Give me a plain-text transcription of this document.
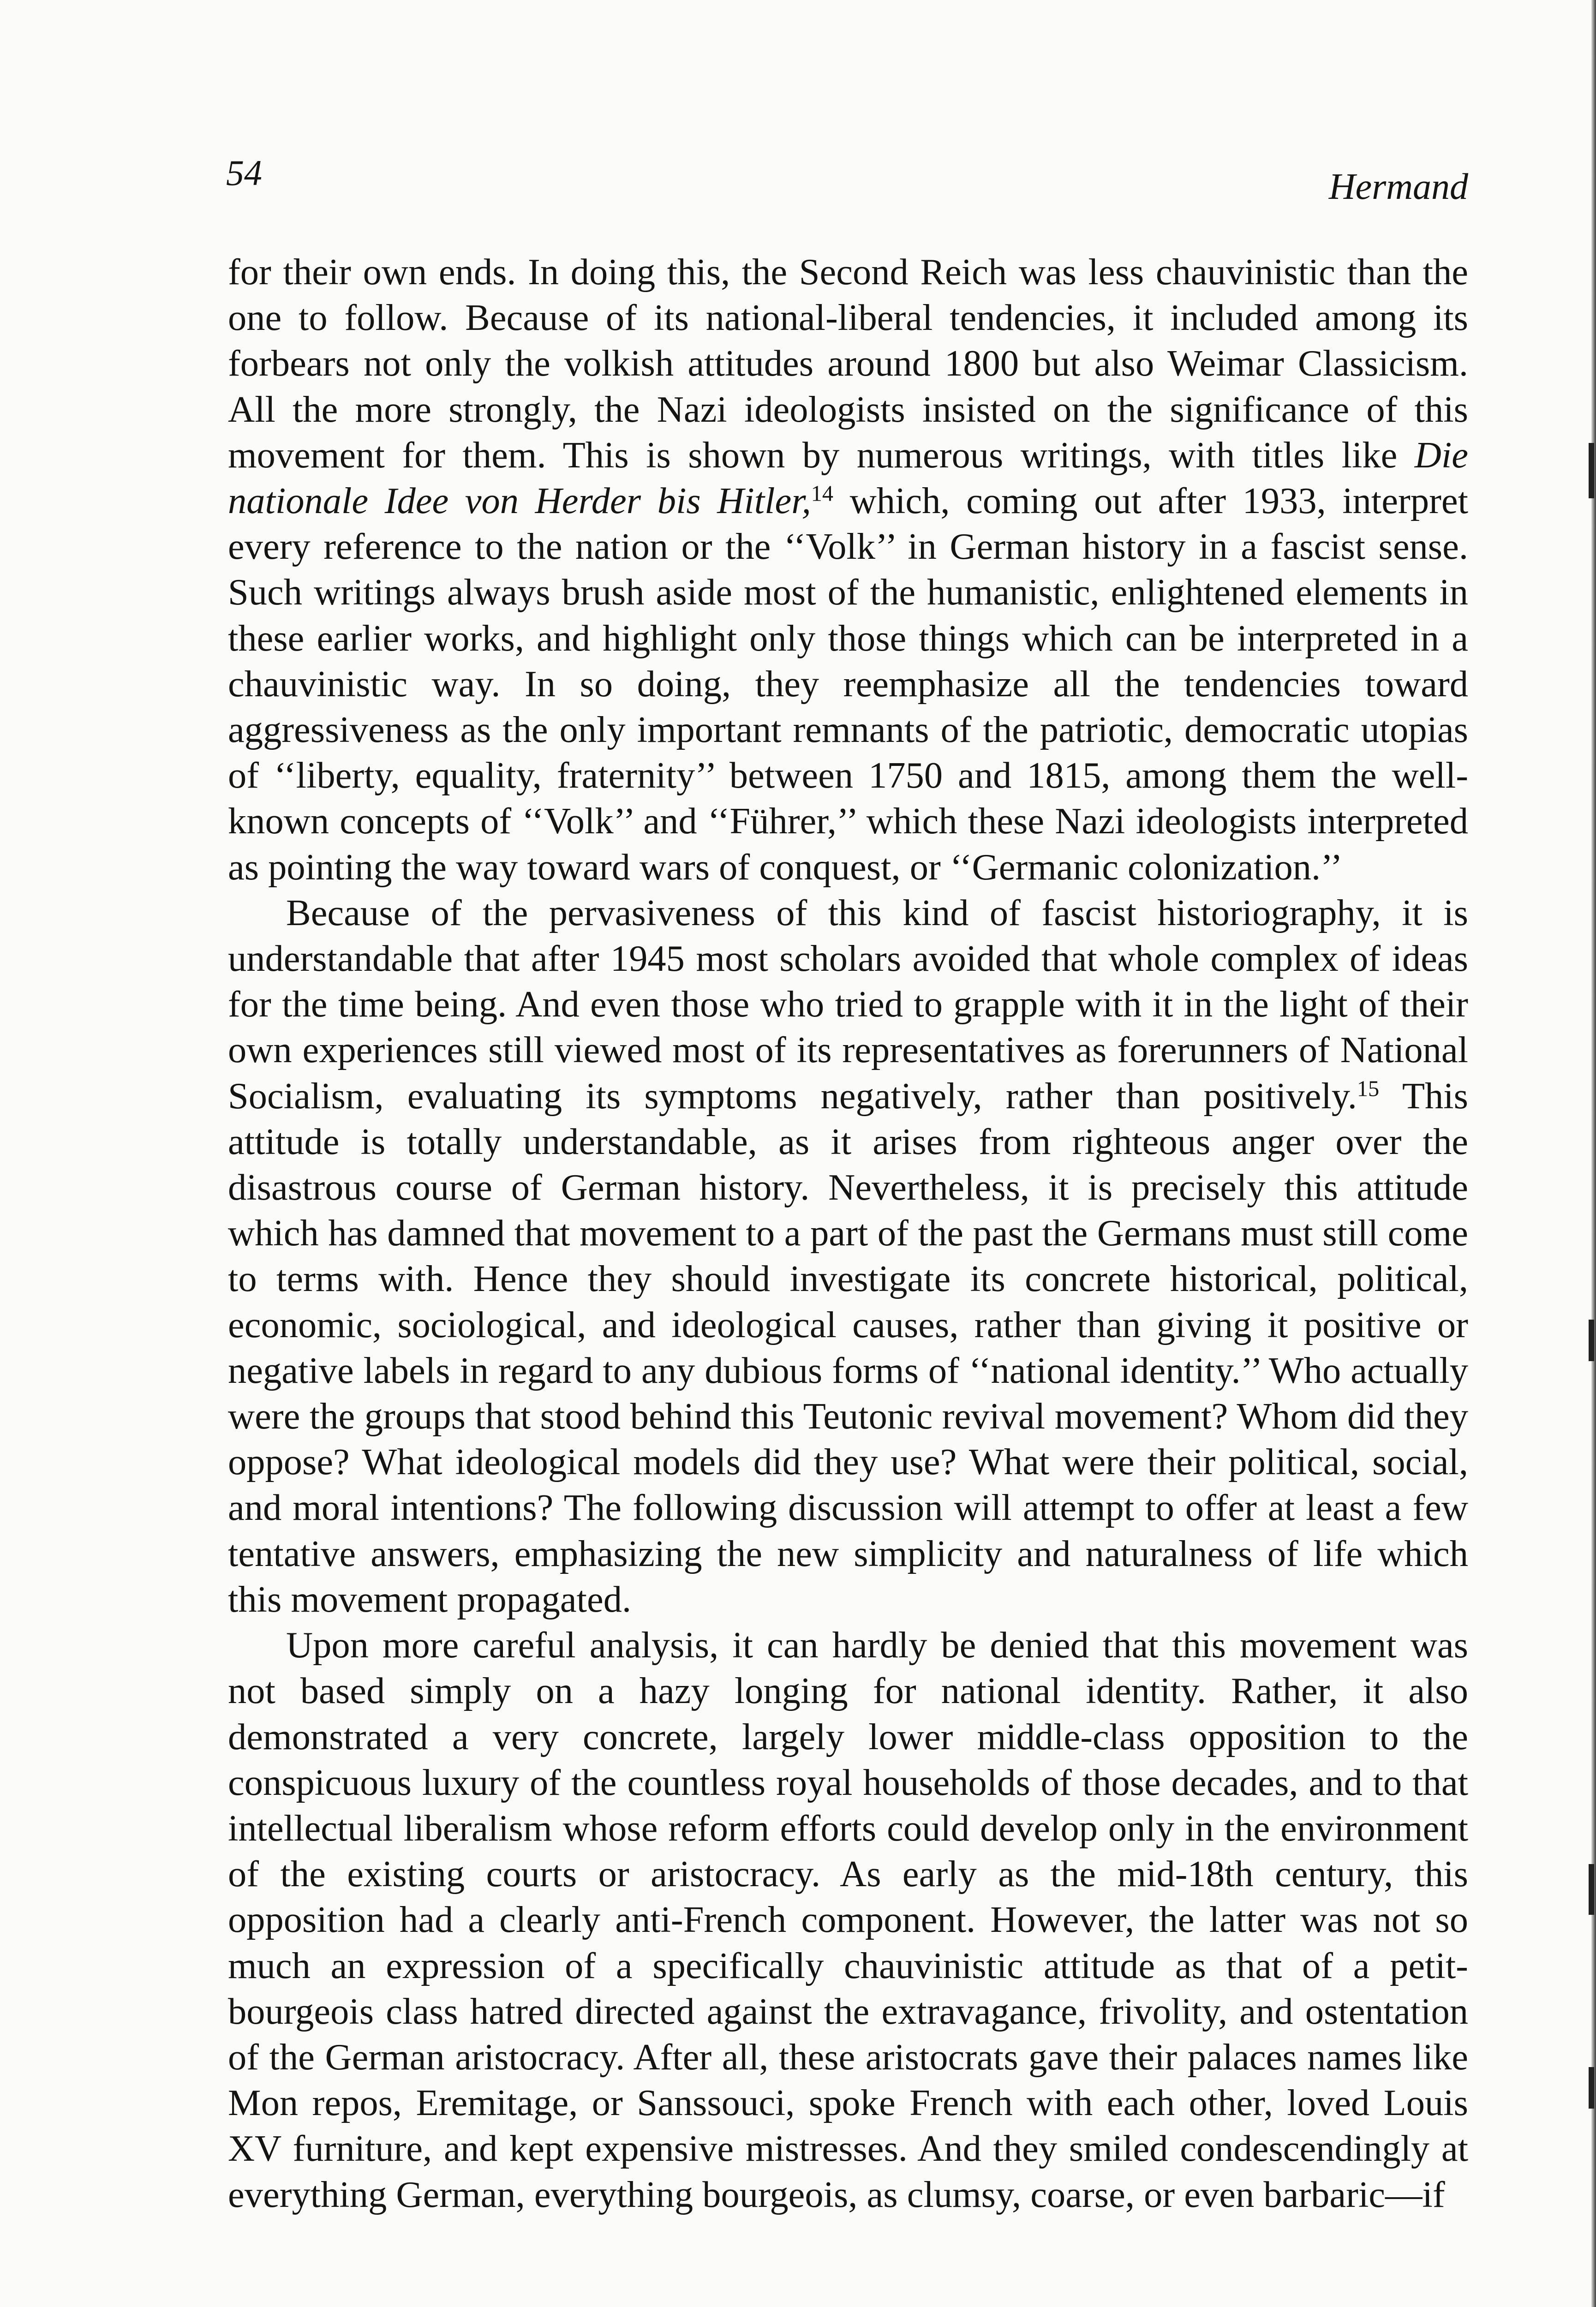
54	Hermand

for their own ends. In doing this, the Second Reich was less chauvinistic than the one to follow. Because of its national-liberal tendencies, it included among its forbears not only the volkish attitudes around 1800 but also Weimar Classicism. All the more strongly, the Nazi ideologists insisted on the significance of this movement for them. This is shown by numerous writings, with titles like Die nationale Idee von Herder bis Hitler,$^{14}$ which, coming out after 1933, interpret every reference to the nation or the ‘‘Volk’’ in German history in a fascist sense. Such writings always brush aside most of the humanistic, enlightened elements in these earlier works, and highlight only those things which can be interpreted in a chauvinistic way. In so doing, they reemphasize all the tendencies toward aggressiveness as the only important remnants of the patriotic, democratic utopias of ‘‘liberty, equality, fraternity’’ between 1750 and 1815, among them the well-known concepts of ‘‘Volk’’ and ‘‘Führer,’’ which these Nazi ideologists interpreted as pointing the way toward wars of conquest, or ‘‘Germanic colonization.’’

Because of the pervasiveness of this kind of fascist historiography, it is understandable that after 1945 most scholars avoided that whole complex of ideas for the time being. And even those who tried to grapple with it in the light of their own experiences still viewed most of its representatives as forerunners of National Socialism, evaluating its symptoms negatively, rather than positively.$^{15}$ This attitude is totally understandable, as it arises from righteous anger over the disastrous course of German history. Nevertheless, it is precisely this attitude which has damned that movement to a part of the past the Germans must still come to terms with. Hence they should investigate its concrete historical, political, economic, sociological, and ideological causes, rather than giving it positive or negative labels in regard to any dubious forms of ‘‘national identity.’’ Who actually were the groups that stood behind this Teutonic revival movement? Whom did they oppose? What ideological models did they use? What were their political, social, and moral intentions? The following discussion will attempt to offer at least a few tentative answers, emphasizing the new simplicity and naturalness of life which this movement propagated.

Upon more careful analysis, it can hardly be denied that this movement was not based simply on a hazy longing for national identity. Rather, it also demonstrated a very concrete, largely lower middle-class opposition to the conspicuous luxury of the countless royal households of those decades, and to that intellectual liberalism whose reform efforts could develop only in the environment of the existing courts or aristocracy. As early as the mid-18th century, this opposition had a clearly anti-French component. However, the latter was not so much an expression of a specifically chauvinistic attitude as that of a petit-bourgeois class hatred directed against the extravagance, frivolity, and ostentation of the German aristocracy. After all, these aristocrats gave their palaces names like Mon repos, Eremitage, or Sanssouci, spoke French with each other, loved Louis XV furniture, and kept expensive mistresses. And they smiled condescendingly at everything German, everything bourgeois, as clumsy, coarse, or even barbaric—if
